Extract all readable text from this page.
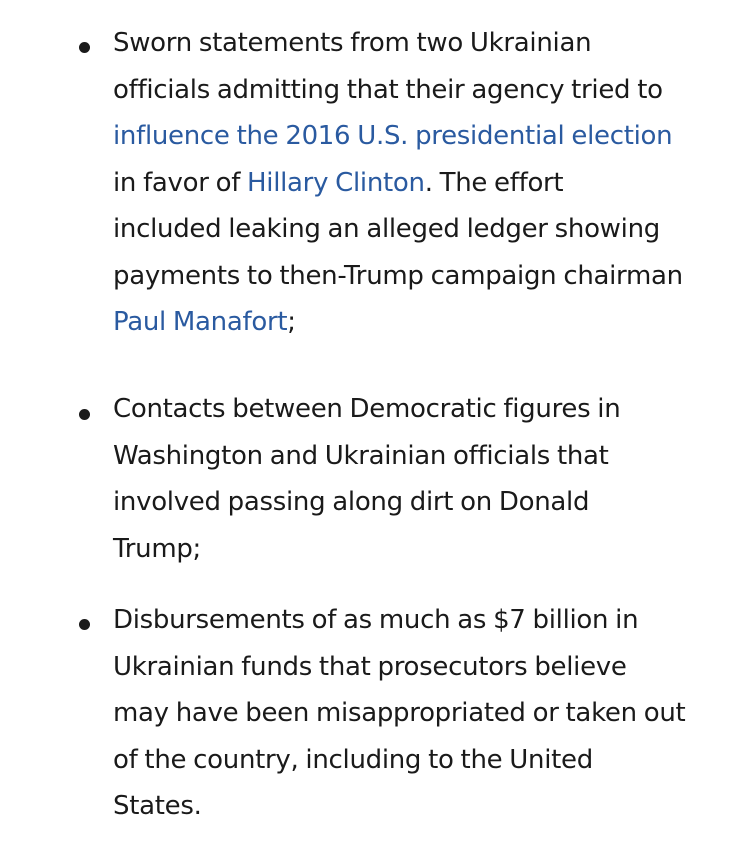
Sworn statements from two Ukrainian
officials admitting that their agency tried to
influence the 2016 U.S. presidential election
in favor of Hillary Clinton. The effort
included leaking an alleged ledger showing
payments to then-Trump campaign chairman
Paul Manafort;
Contacts between Democratic figures in
Washington and Ukrainian officials that
involved passing along dirt on Donald
Trump;
Disbursements of as much as $7 billion in
Ukrainian funds that prosecutors believe
may have been misappropriated or taken out
of the country, including to the United
States.
